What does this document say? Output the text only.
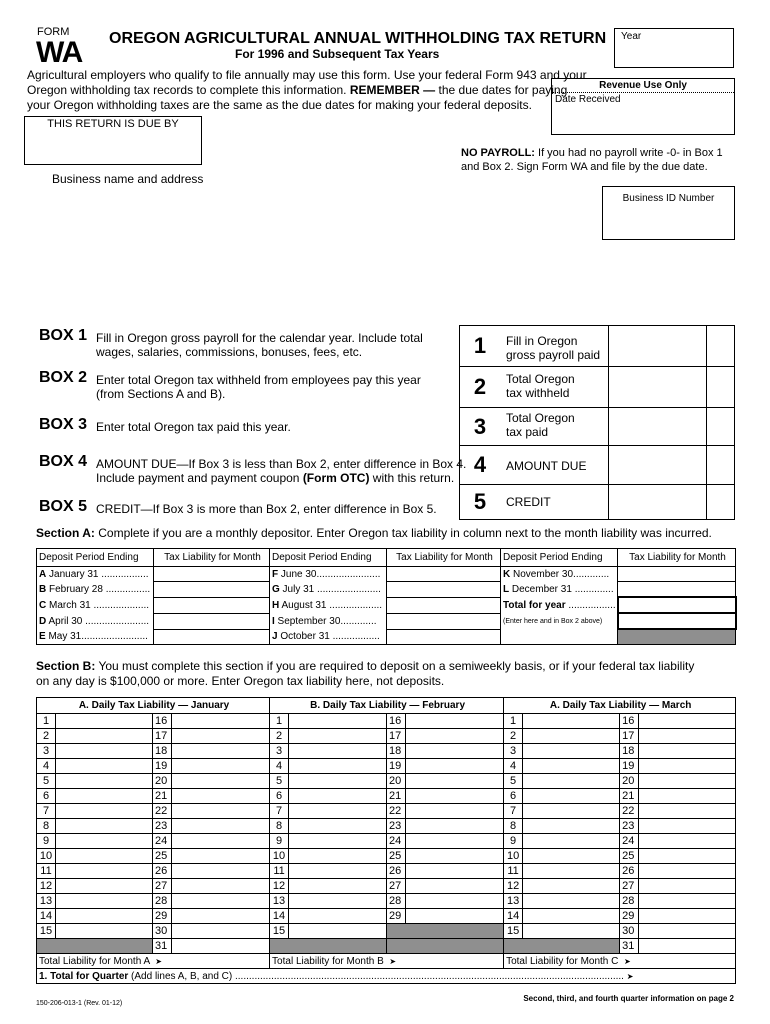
FORM
WA OREGON AGRICULTURAL ANNUAL WITHHOLDING TAX RETURN
For 1996 and Subsequent Tax Years
Year
Agricultural employers who qualify to file annually may use this form. Use your federal Form 943 and your
Oregon withholding tax records to complete this information. REMEMBER — the due dates for paying
your Oregon withholding taxes are the same as the due dates for making your federal deposits.
Revenue Use Only
Date Received
THIS RETURN IS DUE BY
Business name and address
NO PAYROLL: If you had no payroll write -0- in Box 1
and Box 2. Sign Form WA and file by the due date.
Business ID Number
BOX 1 Fill in Oregon gross payroll for the calendar year. Include total
wages, salaries, commissions, bonuses, fees, etc.
BOX 2 Enter total Oregon tax withheld from employees pay this year
(from Sections A and B).
BOX 3 Enter total Oregon tax paid this year.
BOX 4 AMOUNT DUE—If Box 3 is less than Box 2, enter difference in Box 4.
Include payment and payment coupon (Form OTC) with this return.
BOX 5 CREDIT—If Box 3 is more than Box 2, enter difference in Box 5.
1	Fill in Oregon
gross payroll paid
2	Total Oregon
tax withheld
3	Total Oregon
tax paid
4	AMOUNT DUE
5	CREDIT
Section A: Complete if you are a monthly depositor. Enter Oregon tax liability in column next to the month liability was incurred.
Deposit Period Ending	Tax Liability for Month	Deposit Period Ending	Tax Liability for Month	Deposit Period Ending	Tax Liability for Month
A January 31 .................		F June 30.......................		K November 30.............	
B February 28 ................		G July 31 .......................		L December 31 ..............	
C March 31 ....................		H August 31 ...................		Total for year .................	
D April 30 .......................		I September 30.............		(Enter here and in Box 2 above)	
E May 31........................		J October 31 .................			
Section B: You must complete this section if you are required to deposit on a semiweekly basis, or if your federal tax liability
on any day is $100,000 or more. Enter Oregon tax liability here, not deposits.
A. Daily Tax Liability — January				B. Daily Tax Liability — February				A. Daily Tax Liability — March			
1		16		1		16		1		16	
2		17		2		17		2		17	
3		18		3		18		3		18	
4		19		4		19		4		19	
5		20		5		20		5		20	
6		21		6		21		6		21	
7		22		7		22		7		22	
8		23		8		23		8		23	
9		24		9		24		9		24	
10		25		10		25		10		25	
11		26		11		26		11		26	
12		27		12		27		12		27	
13		28		13		28		13		28	
14		29		14		29		14		29	
15		30		15				15		30	
		31								31	
Total Liability for Month A ➤				Total Liability for Month B ➤				Total Liability for Month C ➤			
1. Total for Quarter (Add lines A, B, and C) ............................................................................................................................................ ➤											
150-206-013-1 (Rev. 01-12)
Second, third, and fourth quarter information on page 2
